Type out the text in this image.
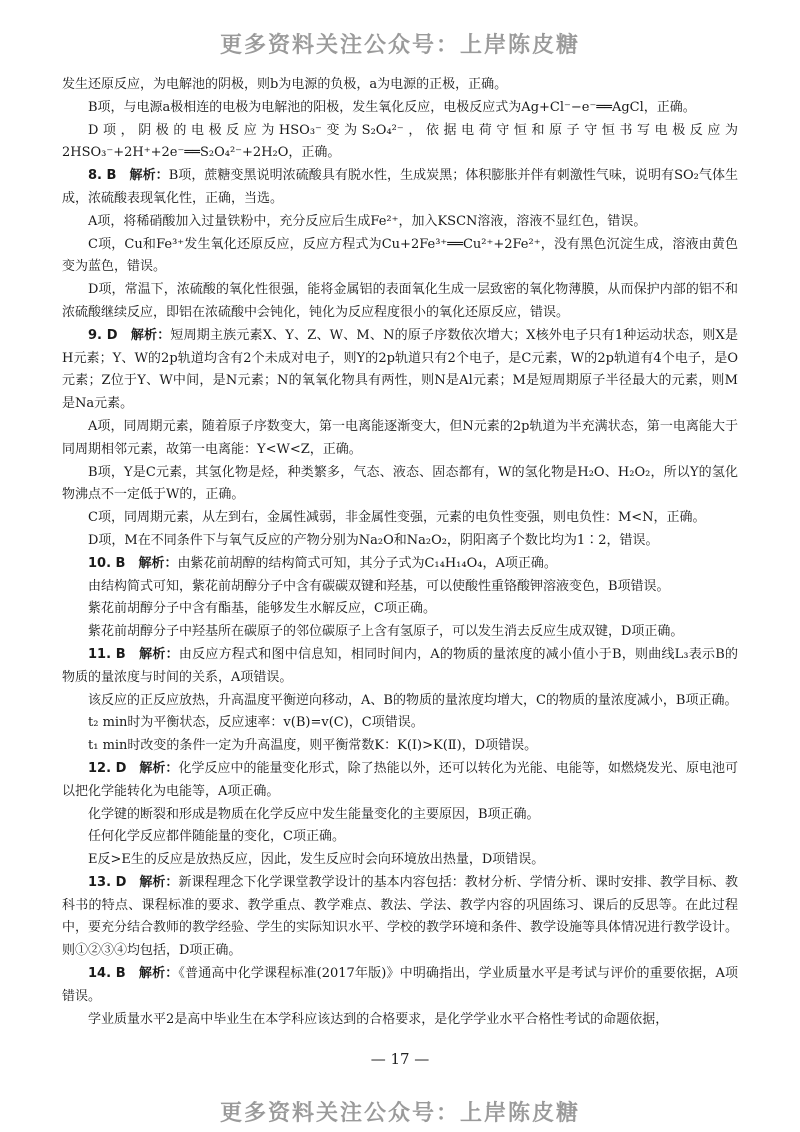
更多资料关注公众号：上岸陈皮糖

发生还原反应，为电解池的阴极，则b为电源的负极，a为电源的正极，正确。

B项，与电源a极相连的电极为电解池的阳极，发生氧化反应，电极反应式为Ag+Cl⁻−e⁻══AgCl，正确。

D项，阴极的电极反应为HSO₃⁻变为S₂O₄²⁻，依据电荷守恒和原子守恒书写电极反应为2HSO₃⁻+2H⁺+2e⁻══S₂O₄²⁻+2H₂O，正确。

8. B　解析：B项，蔗糖变黑说明浓硫酸具有脱水性，生成炭黑；体积膨胀并伴有刺激性气味，说明有SO₂气体生成，浓硫酸表现氧化性，正确，当选。

A项，将稀硝酸加入过量铁粉中，充分反应后生成Fe²⁺，加入KSCN溶液，溶液不显红色，错误。

C项，Cu和Fe³⁺发生氧化还原反应，反应方程式为Cu+2Fe³⁺══Cu²⁺+2Fe²⁺，没有黑色沉淀生成，溶液由黄色变为蓝色，错误。

D项，常温下，浓硫酸的氧化性很强，能将金属铝的表面氧化生成一层致密的氧化物薄膜，从而保护内部的铝不和浓硫酸继续反应，即铝在浓硫酸中会钝化，钝化为反应程度很小的氧化还原反应，错误。

9. D　解析：短周期主族元素X、Y、Z、W、M、N的原子序数依次增大；X核外电子只有1种运动状态，则X是H元素；Y、W的2p轨道均含有2个未成对电子，则Y的2p轨道只有2个电子，是C元素，W的2p轨道有4个电子，是O元素；Z位于Y、W中间，是N元素；N的氧氧化物具有两性，则N是Al元素；M是短周期原子半径最大的元素，则M是Na元素。

A项，同周期元素，随着原子序数变大，第一电离能逐渐变大，但N元素的2p轨道为半充满状态，第一电离能大于同周期相邻元素，故第一电离能：Y<W<Z，正确。

B项，Y是C元素，其氢化物是烃，种类繁多，气态、液态、固态都有，W的氢化物是H₂O、H₂O₂，所以Y的氢化物沸点不一定低于W的，正确。

C项，同周期元素，从左到右，金属性减弱，非金属性变强，元素的电负性变强，则电负性：M<N，正确。

D项，M在不同条件下与氧气反应的产物分别为Na₂O和Na₂O₂，阴阳离子个数比均为1∶2，错误。

10. B　解析：由紫花前胡醇的结构简式可知，其分子式为C₁₄H₁₄O₄，A项正确。

由结构简式可知，紫花前胡醇分子中含有碳碳双键和羟基，可以使酸性重铬酸钾溶液变色，B项错误。

紫花前胡醇分子中含有酯基，能够发生水解反应，C项正确。

紫花前胡醇分子中羟基所在碳原子的邻位碳原子上含有氢原子，可以发生消去反应生成双键，D项正确。

11. B　解析：由反应方程式和图中信息知，相同时间内，A的物质的量浓度的减小值小于B，则曲线L₃表示B的物质的量浓度与时间的关系，A项错误。

该反应的正反应放热，升高温度平衡逆向移动，A、B的物质的量浓度均增大，C的物质的量浓度减小，B项正确。

t₂ min时为平衡状态，反应速率：v(B)=v(C)，C项错误。

t₁ min时改变的条件一定为升高温度，则平衡常数K：K(Ⅰ)>K(Ⅱ)，D项错误。

12. D　解析：化学反应中的能量变化形式，除了热能以外，还可以转化为光能、电能等，如燃烧发光、原电池可以把化学能转化为电能等，A项正确。

化学键的断裂和形成是物质在化学反应中发生能量变化的主要原因，B项正确。

任何化学反应都伴随能量的变化，C项正确。

E反>E生的反应是放热反应，因此，发生反应时会向环境放出热量，D项错误。

13. D　解析：新课程理念下化学课堂教学设计的基本内容包括：教材分析、学情分析、课时安排、教学目标、教科书的特点、课程标准的要求、教学重点、教学难点、教法、学法、教学内容的巩固练习、课后的反思等。在此过程中，要充分结合教师的教学经验、学生的实际知识水平、学校的教学环境和条件、教学设施等具体情况进行教学设计。则①②③④均包括，D项正确。

14. B　解析：《普通高中化学课程标准(2017年版)》中明确指出，学业质量水平是考试与评价的重要依据，A项错误。

学业质量水平2是高中毕业生在本学科应该达到的合格要求，是化学学业水平合格性考试的命题依据，

— 17 —
更多资料关注公众号：上岸陈皮糖
